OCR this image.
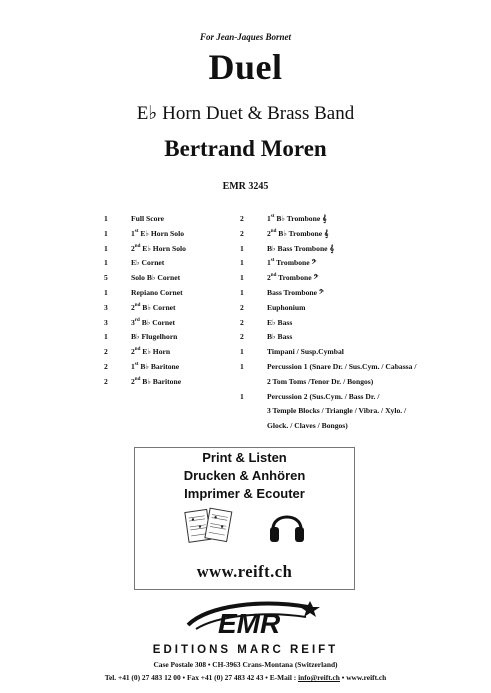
For Jean-Jaques Bornet
Duel
E♭ Horn Duet & Brass Band
Bertrand Moren
EMR 3245
1	Full Score
1	1st E♭ Horn Solo
1	2nd E♭ Horn Solo
1	E♭ Cornet
5	Solo B♭ Cornet
1	Repiano Cornet
3	2nd B♭ Cornet
3	3rd B♭ Cornet
1	B♭ Flugelhorn
2	2nd E♭ Horn
2	1st B♭ Baritone
2	2nd B♭ Baritone
2	1st B♭ Trombone 𝄞
2	2nd B♭ Trombone 𝄞
1	B♭ Bass Trombone 𝄞
1	1st Trombone 𝄢
1	2nd Trombone 𝄢
1	Bass Trombone 𝄢
2	Euphonium
2	E♭ Bass
2	B♭ Bass
1	Timpani / Susp.Cymbal
1	Percussion 1 (Snare Dr. / Sus.Cym. / Cabassa /
2 Tom Toms /Tenor Dr. / Bongos)
1	Percussion 2 (Sus.Cym. / Bass Dr. /
3 Temple Blocks / Triangle / Vibra. / Xylo. /
Glock. / Claves / Bongos)
Print & Listen
Drucken & Anhören
Imprimer & Ecouter
www.reift.ch
EMR
EDITIONS MARC REIFT
Case Postale 308 • CH-3963 Crans-Montana (Switzerland)
Tel. +41 (0) 27 483 12 00 • Fax +41 (0) 27 483 42 43 • E-Mail : info@reift.ch • www.reift.ch
